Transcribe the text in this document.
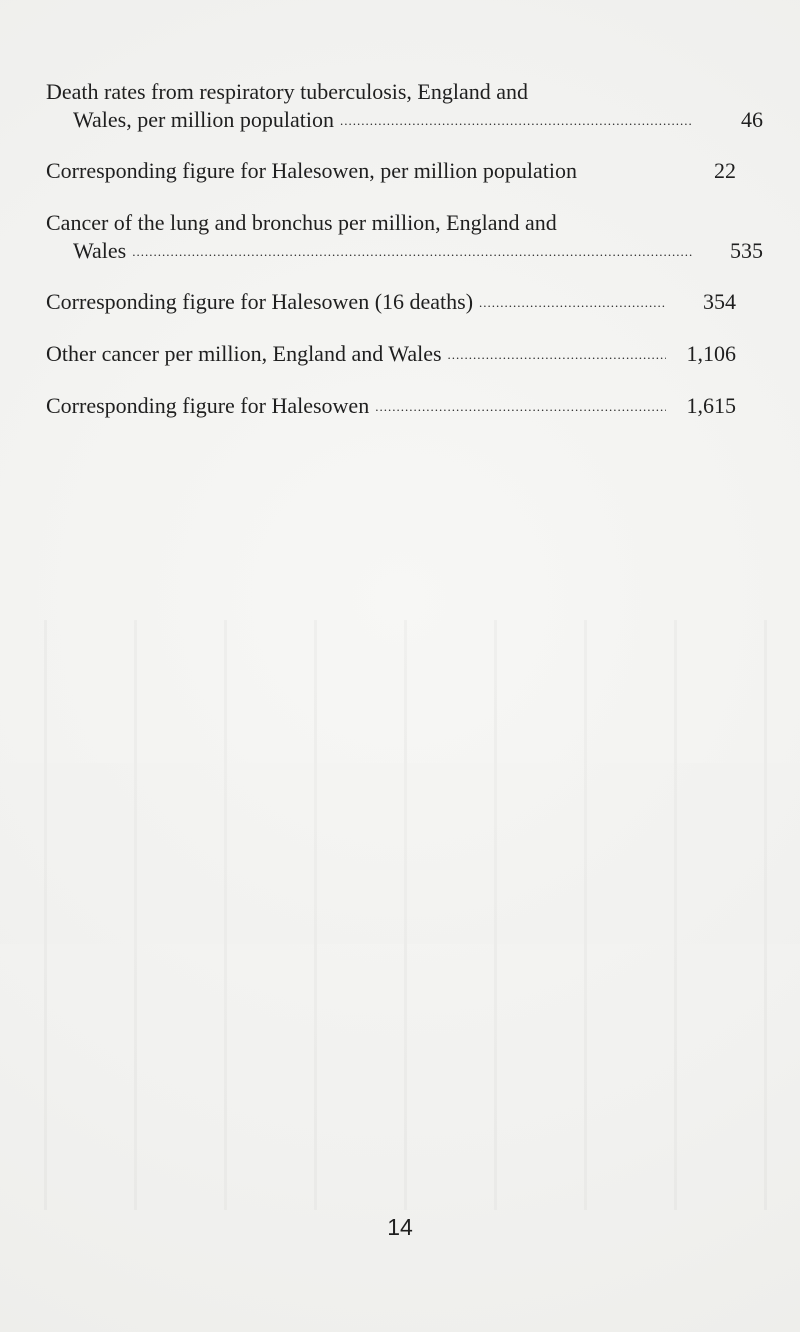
Death rates from respiratory tuberculosis, England and
Wales, per million population .....	46
Corresponding figure for Halesowen, per million population	22
Cancer of the lung and bronchus per million, England and
Wales .....	535
Corresponding figure for Halesowen (16 deaths) .....	354
Other cancer per million, England and Wales .....	1,106
Corresponding figure for Halesowen .....	1,615
14
